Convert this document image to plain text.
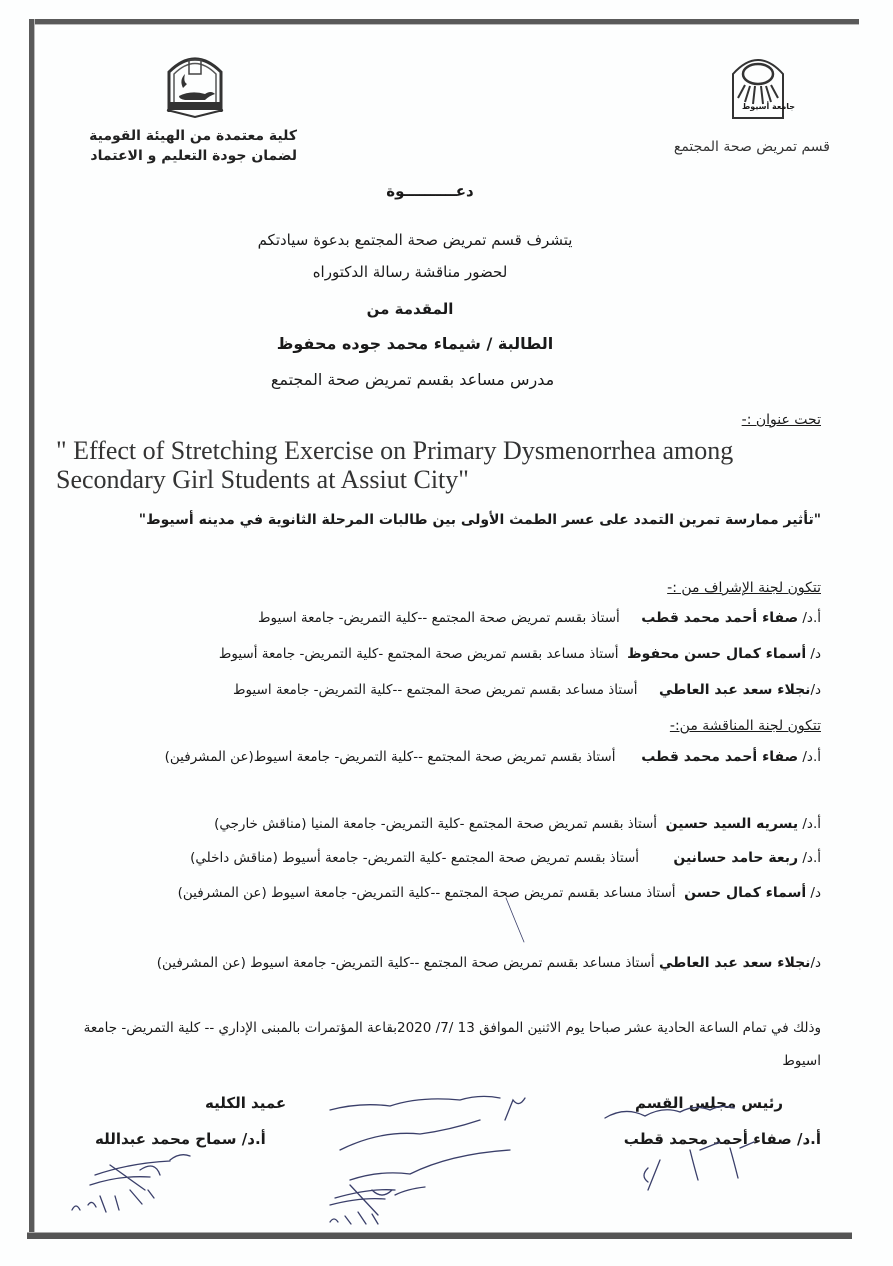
جامعة أسيوط
كلية معتمدة من الهيئة القومية
لضمان جودة التعليم و الاعتماد
قسم تمريض صحة المجتمع
دعــــــــــوة
يتشرف قسم تمريض صحة المجتمع بدعوة سيادتكم
لحضور مناقشة رسالة الدكتوراه
المقدمة من
الطالبة / شيماء محمد جوده محفوظ
مدرس مساعد بقسم تمريض صحة المجتمع
تحت عنوان :-
" Effect of Stretching Exercise on Primary Dysmenorrhea among Secondary Girl Students at Assiut City"
"تأثير ممارسة تمرين التمدد على عسر الطمث الأولى بين طالبات المرحلة الثانوية في مدينه أسيوط"
تتكون لجنة الإشراف من :-
أ.د/ صفاء أحمد محمد قطب     أستاذ بقسم تمريض صحة المجتمع --كلية التمريض- جامعة اسيوط
د/ أسماء كمال حسن محفوظ  أستاذ مساعد بقسم تمريض صحة المجتمع -كلية التمريض- جامعة أسيوط
د/نجلاء سعد عبد العاطي     أستاذ مساعد بقسم تمريض صحة المجتمع --كلية التمريض- جامعة اسيوط
تتكون لجنة المناقشة من:-
أ.د/ صفاء أحمد محمد قطب      أستاذ بقسم تمريض صحة المجتمع --كلية التمريض- جامعة اسيوط(عن المشرفين)
أ.د/ يسريه السيد حسين  أستاذ بقسم تمريض صحة المجتمع -كلية التمريض- جامعة المنيا (مناقش خارجي)
أ.د/ ربعة حامد حسانين        أستاذ بقسم تمريض صحة المجتمع -كلية التمريض- جامعة أسيوط (مناقش داخلي)
د/ أسماء كمال حسن  أستاذ مساعد بقسم تمريض صحة المجتمع --كلية التمريض- جامعة اسيوط (عن المشرفين)
د/نجلاء سعد عبد العاطي أستاذ مساعد بقسم تمريض صحة المجتمع --كلية التمريض- جامعة اسيوط (عن المشرفين)
وذلك في تمام الساعة الحادية عشر صباحا يوم الاثنين الموافق 13 /7/ 2020بقاعة المؤتمرات بالمبنى الإداري -- كلية التمريض- جامعة اسيوط
رئيس مجلس القسم
أ.د/ صفاء أحمد محمد قطب
عميد الكليه
أ.د/ سماح محمد عبدالله
